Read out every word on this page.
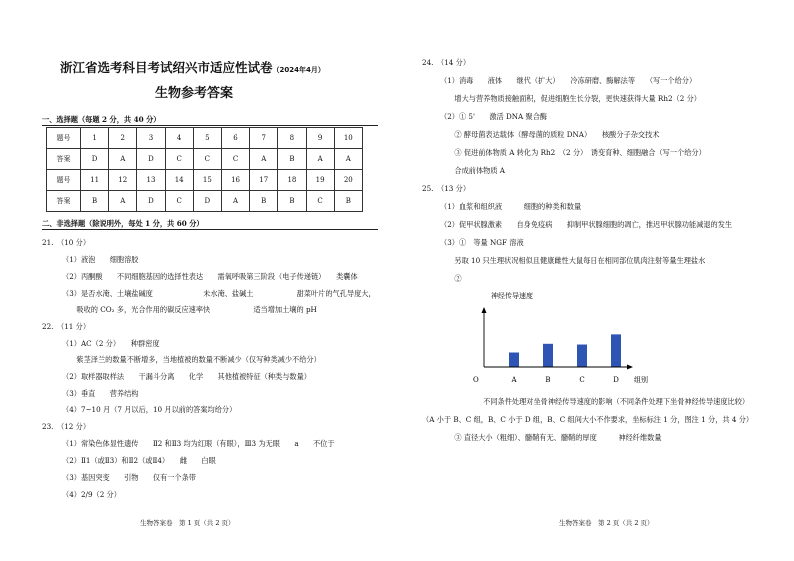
浙江省选考科目考试绍兴市适应性试卷（2024年4月）
生物参考答案
一、选择题（每题 2 分，共 40 分）
题号	1	2	3	4	5	6	7	8	9	10
答案	D	A	D	C	C	C	A	B	A	A
题号	11	12	13	14	15	16	17	18	19	20
答案	B	A	D	C	D	A	B	B	C	B
二、非选择题（除说明外，每处 1 分，共 60 分）
21.　（10 分）
（1）液泡　　细胞溶胶
（2）丙酮酸　　不同细胞基因的选择性表达　　需氧呼吸第三阶段（电子传递链）　　类囊体
（3）是否水淹、土壤盐碱度　　　　　　　未水淹、盐碱土　　　　　　甜菜叶片的气孔导度大，
　　吸收的 CO₂ 多，光合作用的碳反应速率快　　　　　　适当增加土壤的 pH
22.　（11 分）
（1）AC（2 分）　　种群密度
　　紫茎泽兰的数量不断增多，当地植被的数量不断减少（仅写种类减少不给分）
（2）取样器取样法　　干漏斗分离　　化学　　其他植被特征（种类与数量）
（3）垂直　　营养结构
（4）7~10 月（7 月以后，10 月以前的答案均给分）
23.　（12 分）
（1）常染色体显性遗传　　Ⅱ2 和Ⅱ3 均为红眼（有眼），Ⅲ3 为无眼　　a　　不位于
（2）Ⅱ1（或Ⅱ3）和Ⅱ2（或Ⅱ4）　　雌　　白眼
（3）基因突变　　引物　　仅有一个条带
（4）2/9（2 分）
生物答案卷　第 1 页（共 2 页）
24.　（14 分）
（1）消毒　　液体　　继代（扩大）　　冷冻研磨、酶解法等　　（写一个给分）
　　增大与营养物质接触面积，促进细胞生长分裂，更快速获得大量 Rh2（2 分）
（2）① 5'　　激活 DNA 聚合酶
　　② 酵母菌表达载体（酵母菌的质粒 DNA）　　核酸分子杂交技术
　　③ 促进前体物质 A 转化为 Rh2　（2 分）　诱变育种、细胞融合（写一个给分）
　　合成前体物质 A
25.　（13 分）
（1）血浆和组织液　　　细胞的种类和数量
（2）促甲状腺激素　　自身免疫病　　抑制甲状腺细胞的凋亡，推迟甲状腺功能减退的发生
（3）①　等量 NGF 溶液
　　另取 10 只生理状况相似且健康雌性大鼠每日在相同部位肌肉注射等量生理盐水
　　②
神经传导速度
A	B	C	D
O	组别
　　　　　　不同条件处理对坐骨神经传导速度的影响（不同条件处理下坐骨神经传导速度比较）
（A 小于 B、C 组，B、C 小于 D 组，B、C 组间大小不作要求，坐标标注 1 分，图注 1 分，共 4 分）
　　③ 直径大小（粗细）、髓鞘有无、髓鞘的厚度　　　神经纤维数量
生物答案卷　第 2 页（共 2 页）
